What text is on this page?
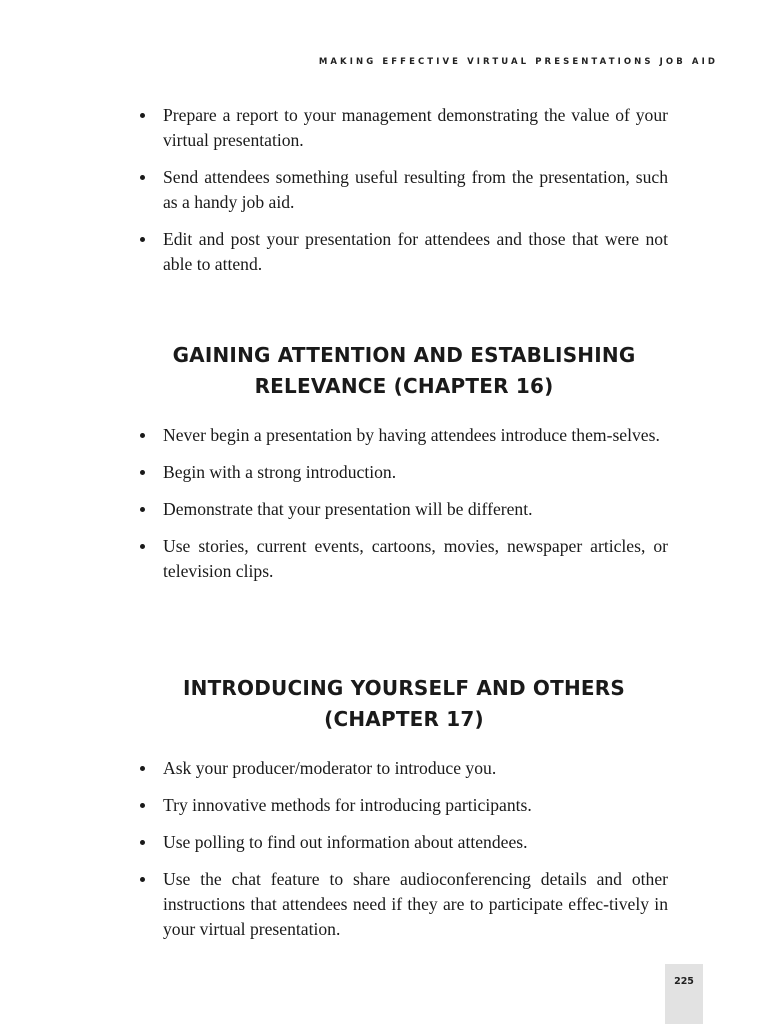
MAKING EFFECTIVE VIRTUAL PRESENTATIONS JOB AID
Prepare a report to your management demonstrating the value of your virtual presentation.
Send attendees something useful resulting from the presentation, such as a handy job aid.
Edit and post your presentation for attendees and those that were not able to attend.
GAINING ATTENTION AND ESTABLISHING
RELEVANCE (CHAPTER 16)
Never begin a presentation by having attendees introduce them-selves.
Begin with a strong introduction.
Demonstrate that your presentation will be different.
Use stories, current events, cartoons, movies, newspaper articles, or television clips.
INTRODUCING YOURSELF AND OTHERS
(CHAPTER 17)
Ask your producer/moderator to introduce you.
Try innovative methods for introducing participants.
Use polling to find out information about attendees.
Use the chat feature to share audioconferencing details and other instructions that attendees need if they are to participate effec-tively in your virtual presentation.
225
